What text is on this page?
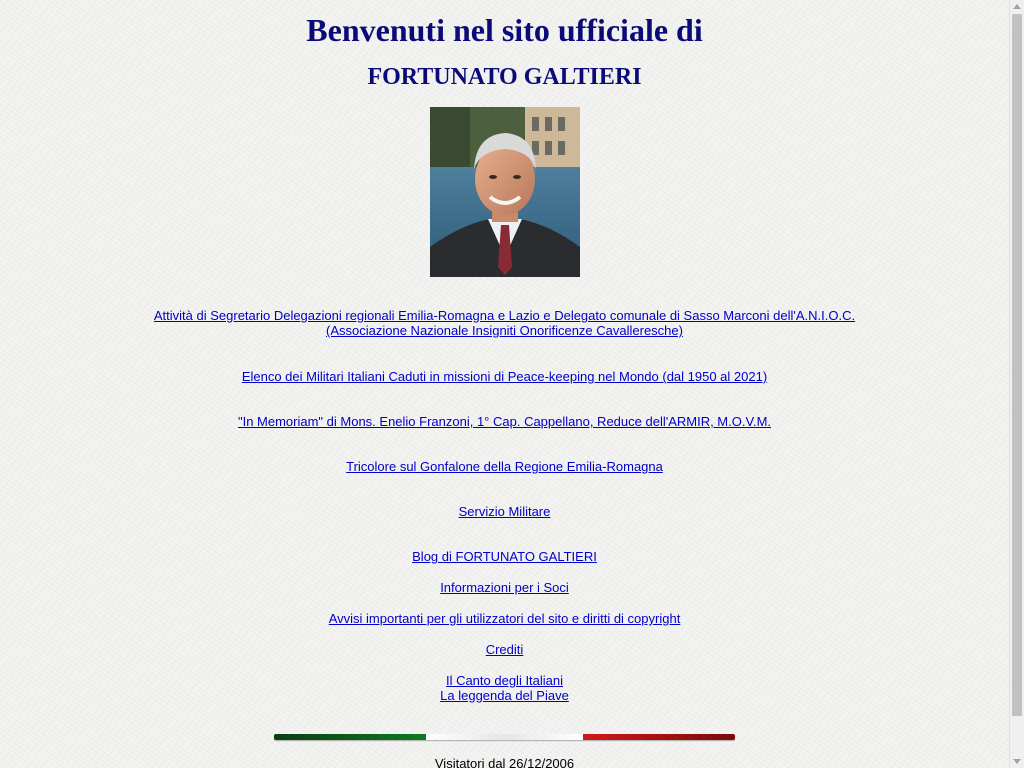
Benvenuti nel sito ufficiale di
FORTUNATO GALTIERI
Attività di Segretario Delegazioni regionali Emilia-Romagna e Lazio e Delegato comunale di Sasso Marconi dell'A.N.I.O.C.
(Associazione Nazionale Insigniti Onorificenze Cavalleresche)
Elenco dei Militari Italiani Caduti in missioni di Peace-keeping nel Mondo (dal 1950 al 2021)
"In Memoriam" di Mons. Enelio Franzoni, 1° Cap. Cappellano, Reduce dell'ARMIR, M.O.V.M.
Tricolore sul Gonfalone della Regione Emilia-Romagna
Servizio Militare
Blog di FORTUNATO GALTIERI
Informazioni per i Soci
Avvisi importanti per gli utilizzatori del sito e diritti di copyright
Crediti
Il Canto degli Italiani
La leggenda del Piave
Visitatori dal 26/12/2006
